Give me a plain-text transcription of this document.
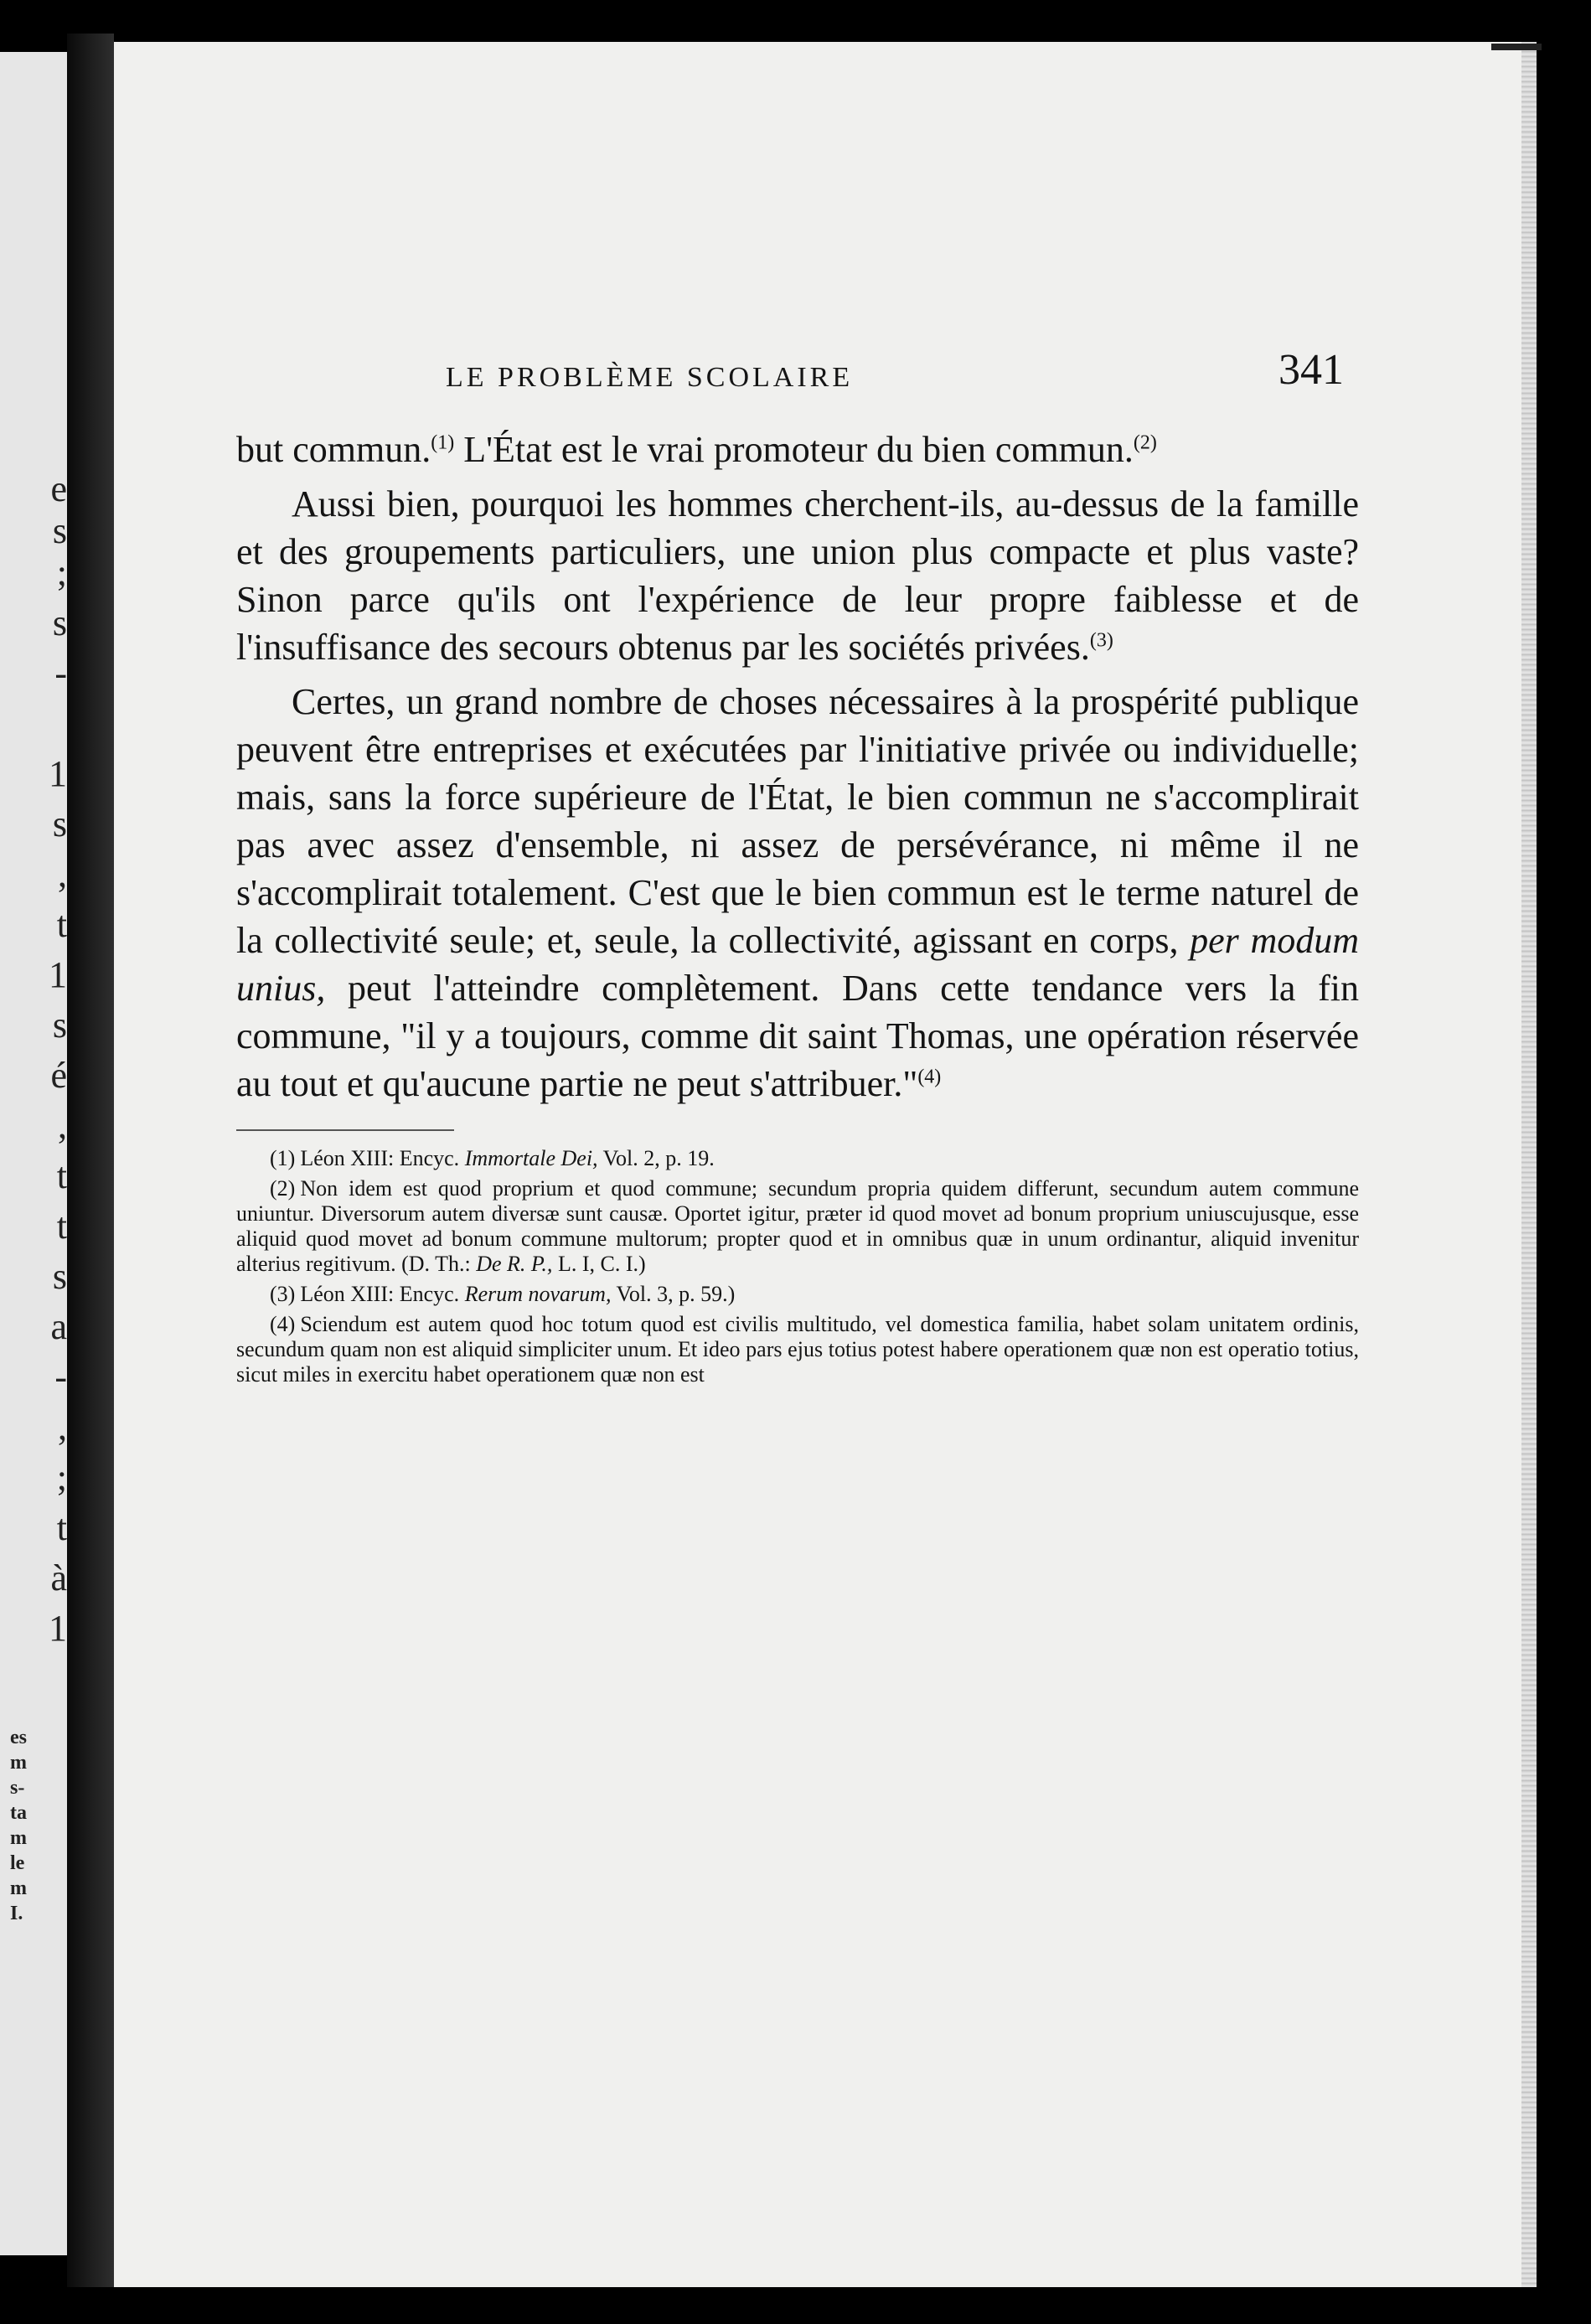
e
s
;
s
-
1
s
,
t
1
s
é
,
t
t
s
a
-
,
;
t
à
1
es
m
s-
ta
m
le
m
I.
LE PROBLÈME SCOLAIRE	341

but commun.$^{(1)}$ L'État est le vrai promoteur du bien commun.$^{(2)}$

Aussi bien, pourquoi les hommes cherchent-ils, au-dessus de la famille et des groupements particuliers, une union plus compacte et plus vaste? Sinon parce qu'ils ont l'expérience de leur propre faiblesse et de l'insuffisance des secours obtenus par les sociétés privées.$^{(3)}$

Certes, un grand nombre de choses nécessaires à la prospérité publique peuvent être entreprises et exécutées par l'initiative privée ou individuelle; mais, sans la force supérieure de l'État, le bien commun ne s'accomplirait pas avec assez d'ensemble, ni assez de persévérance, ni même il ne s'accomplirait totalement. C'est que le bien commun est le terme naturel de la collectivité seule; et, seule, la collectivité, agissant en corps, per modum unius, peut l'atteindre complètement. Dans cette tendance vers la fin commune, "il y a toujours, comme dit saint Thomas, une opération réservée au tout et qu'aucune partie ne peut s'attribuer."$^{(4)}$

(1) Léon XIII: Encyc. Immortale Dei, Vol. 2, p. 19.

(2) Non idem est quod proprium et quod commune; secundum propria quidem differunt, secundum autem commune uniuntur. Diversorum autem diversæ sunt causæ. Oportet igitur, præter id quod movet ad bonum proprium uniuscujusque, esse aliquid quod movet ad bonum commune multorum; propter quod et in omnibus quæ in unum ordinantur, aliquid invenitur alterius regitivum. (D. Th.: De R. P., L. I, C. I.)

(3) Léon XIII: Encyc. Rerum novarum, Vol. 3, p. 59.)

(4) Sciendum est autem quod hoc totum quod est civilis multitudo, vel domestica familia, habet solam unitatem ordinis, secundum quam non est aliquid simpliciter unum. Et ideo pars ejus totius potest habere operationem quæ non est operatio totius, sicut miles in exercitu habet operationem quæ non est
